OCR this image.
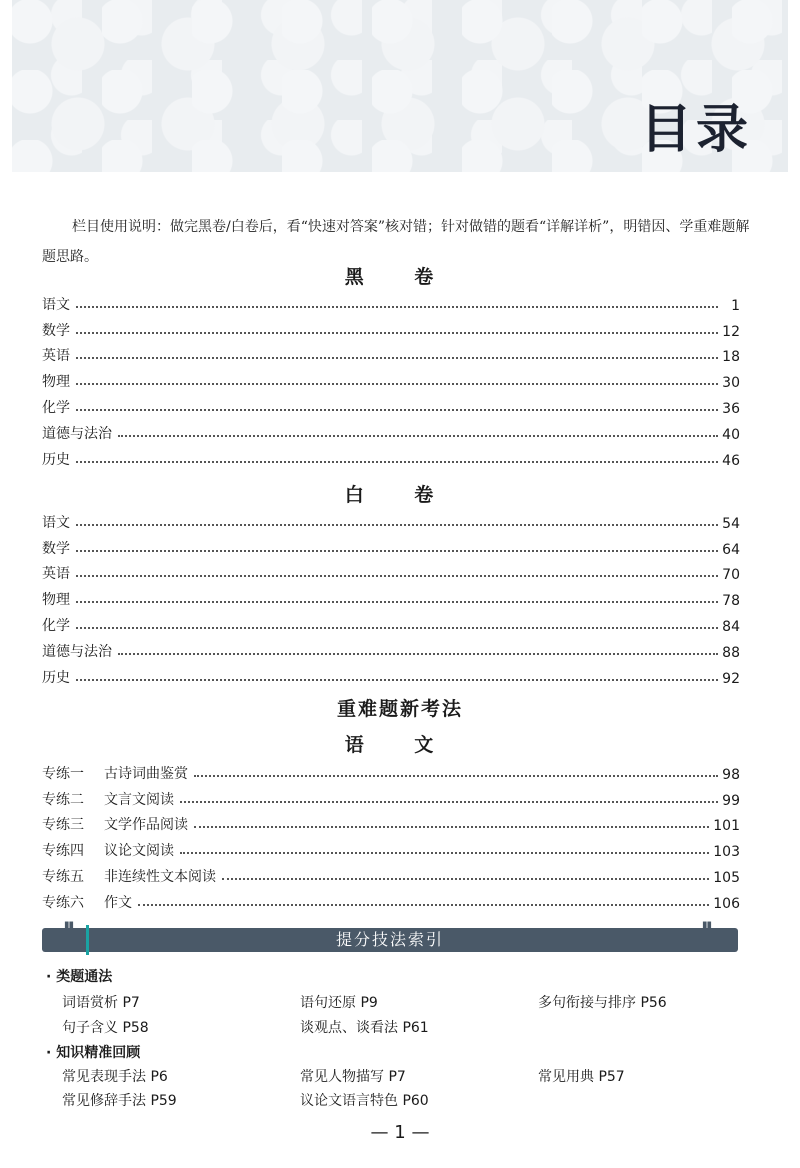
目录

栏目使用说明：做完黑卷/白卷后，看“快速对答案”核对错；针对做错的题看“详解详析”，明错因、学重难题解题思路。

黑 卷
语文	1
数学	12
英语	18
物理	30
化学	36
道德与法治	40
历史	46
白 卷
语文	54
数学	64
英语	70
物理	78
化学	84
道德与法治	88
历史	92
重难题新考法
语 文
专练一	古诗词曲鉴赏	98
专练二	文言文阅读	99
专练三	文学作品阅读	101
专练四	议论文阅读	103
专练五	非连续性文本阅读	105
专练六	作文	106
▮▮	▮▮
提分技法索引
· 类题通法
词语赏析 P7	语句还原 P9	多句衔接与排序 P56
句子含义 P58	谈观点、谈看法 P61
· 知识精准回顾
常见表现手法 P6	常见人物描写 P7	常见用典 P57
常见修辞手法 P59	议论文语言特色 P60
— 1 —
